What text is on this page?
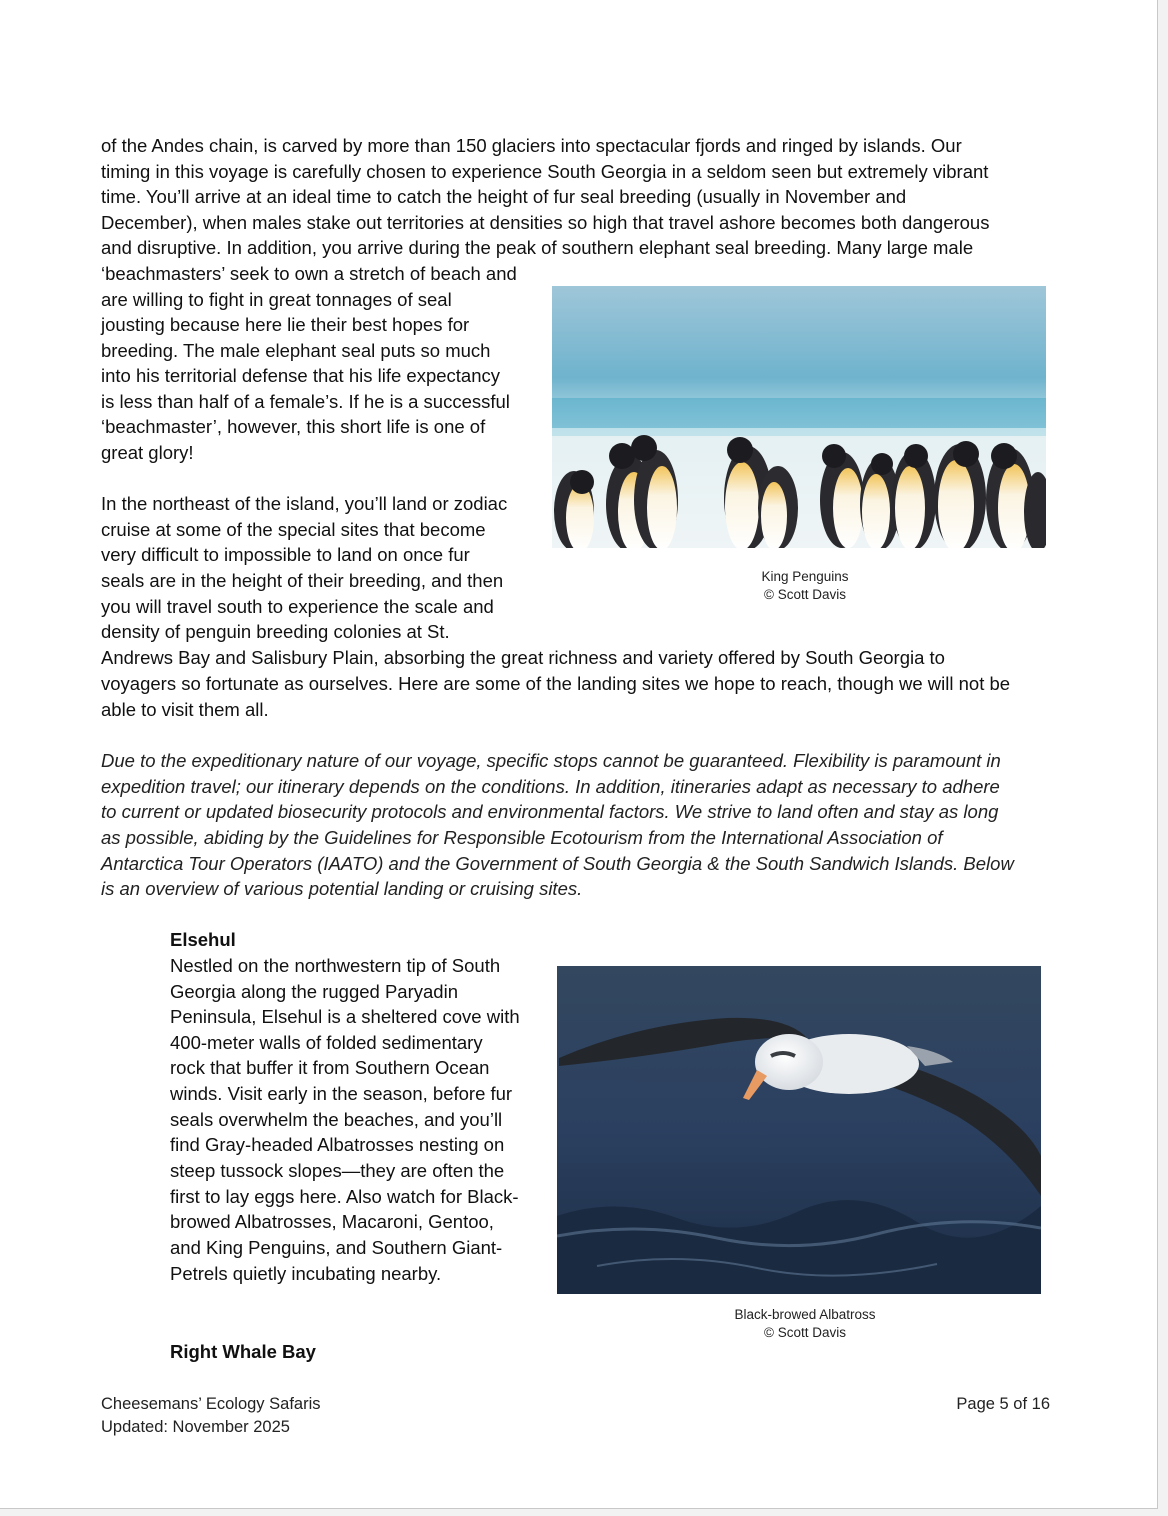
of the Andes chain, is carved by more than 150 glaciers into spectacular fjords and ringed by islands. Our

timing in this voyage is carefully chosen to experience South Georgia in a seldom seen but extremely vibrant

time. You’ll arrive at an ideal time to catch the height of fur seal breeding (usually in November and

December), when males stake out territories at densities so high that travel ashore becomes both dangerous

and disruptive. In addition, you arrive during the peak of southern elephant seal breeding. Many large male

‘beachmasters’ seek to own a stretch of beach and

are willing to fight in great tonnages of seal

jousting because here lie their best hopes for

breeding. The male elephant seal puts so much

into his territorial defense that his life expectancy

is less than half of a female’s. If he is a successful

‘beachmaster’, however, this short life is one of

great glory!

King Penguins

© Scott Davis

In the northeast of the island, you’ll land or zodiac

cruise at some of the special sites that become

very difficult to impossible to land on once fur

seals are in the height of their breeding, and then

you will travel south to experience the scale and

density of penguin breeding colonies at St.

Andrews Bay and Salisbury Plain, absorbing the great richness and variety offered by South Georgia to

voyagers so fortunate as ourselves. Here are some of the landing sites we hope to reach, though we will not be

able to visit them all.

Due to the expeditionary nature of our voyage, specific stops cannot be guaranteed. Flexibility is paramount in

expedition travel; our itinerary depends on the conditions. In addition, itineraries adapt as necessary to adhere

to current or updated biosecurity protocols and environmental factors. We strive to land often and stay as long

as possible, abiding by the Guidelines for Responsible Ecotourism from the International Association of

Antarctica Tour Operators (IAATO) and the Government of South Georgia & the South Sandwich Islands. Below

is an overview of various potential landing or cruising sites.

Elsehul

Nestled on the northwestern tip of South

Georgia along the rugged Paryadin

Peninsula, Elsehul is a sheltered cove with

400-meter walls of folded sedimentary

rock that buffer it from Southern Ocean

winds. Visit early in the season, before fur

seals overwhelm the beaches, and you’ll

find Gray-headed Albatrosses nesting on

steep tussock slopes—they are often the

first to lay eggs here. Also watch for Black-

browed Albatrosses, Macaroni, Gentoo,

and King Penguins, and Southern Giant-

Petrels quietly incubating nearby.

Black-browed Albatross

© Scott Davis

Right Whale Bay

Cheesemans’ Ecology Safaris

Updated: November 2025

Page 5 of 16
